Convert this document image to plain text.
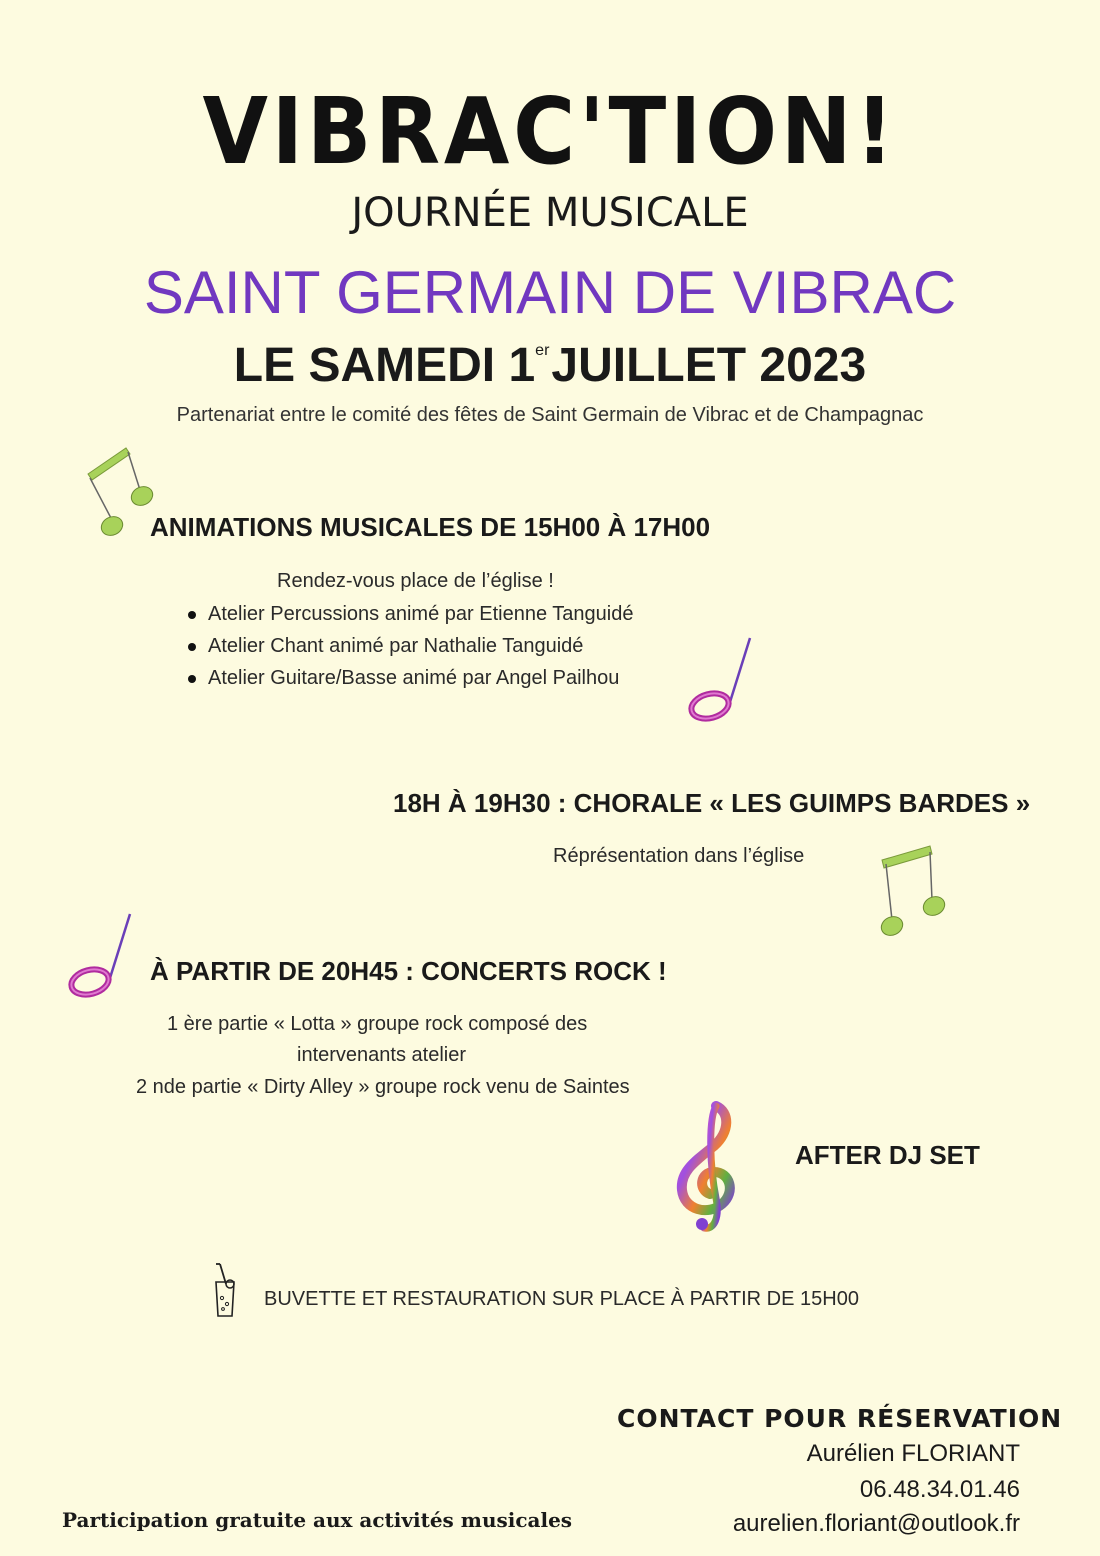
VIBRAC'TION!
JOURNÉE MUSICALE
SAINT GERMAIN DE VIBRAC
LE SAMEDI 1erJUILLET 2023
Partenariat entre le comité des fêtes de Saint Germain de Vibrac et de Champagnac
ANIMATIONS MUSICALES DE 15H00 À 17H00
Rendez-vous place de l’église !
Atelier Percussions animé par Etienne Tanguidé
Atelier Chant animé par Nathalie Tanguidé
Atelier Guitare/Basse animé par Angel Pailhou
18H À 19H30 : CHORALE « LES GUIMPS BARDES »
Réprésentation dans l’église
À PARTIR DE 20H45 : CONCERTS ROCK !
1 ère partie « Lotta » groupe rock composé des
intervenants atelier
2 nde partie « Dirty Alley » groupe rock venu de Saintes
AFTER DJ SET
BUVETTE ET RESTAURATION SUR PLACE À PARTIR DE 15H00
CONTACT POUR RÉSERVATION
Aurélien FLORIANT
06.48.34.01.46
aurelien.floriant@outlook.fr
Participation gratuite aux activités musicales
